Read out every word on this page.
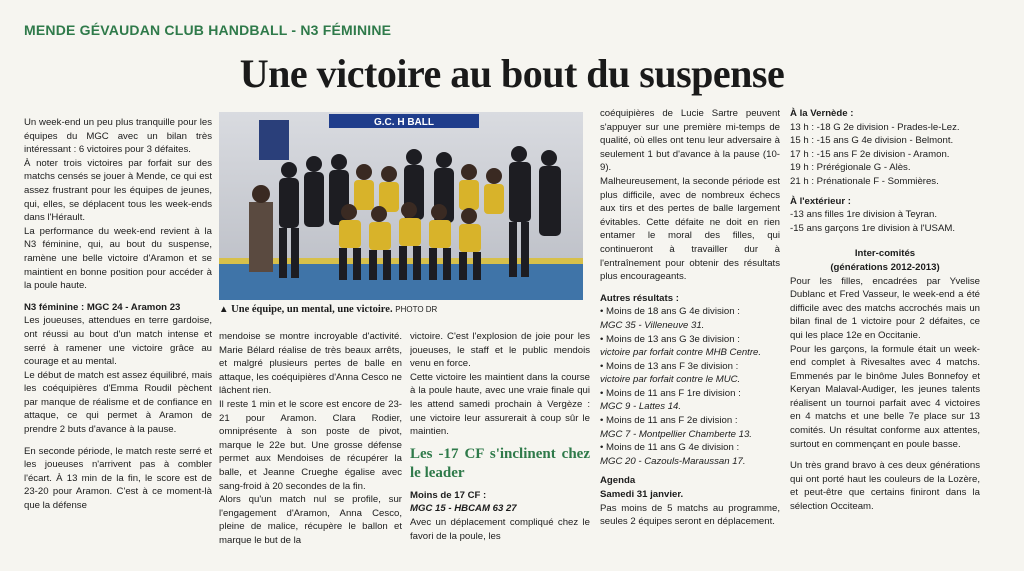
MENDE GÉVAUDAN CLUB HANDBALL - N3 FÉMININE
Une victoire au bout du suspense

Un week-end un peu plus tranquille pour les équipes du MGC avec un bilan très intéressant : 6 victoires pour 3 défaites.

À noter trois victoires par forfait sur des matchs censés se jouer à Mende, ce qui est assez frustrant pour les équipes de jeunes, qui, elles, se déplacent tous les week-ends dans l'Hérault.

La performance du week-end revient à la N3 féminine, qui, au bout du suspense, ramène une belle victoire d'Aramon et se maintient en bonne position pour accéder à la poule haute.

N3 féminine : MGC 24 - Aramon 23

Les joueuses, attendues en terre gardoise, ont réussi au bout d'un match intense et serré à ramener une victoire grâce au courage et au mental.

Le début de match est assez équilibré, mais les coéquipières d'Emma Roudil pèchent par manque de réalisme et de confiance en attaque, ce qui permet à Aramon de prendre 2 buts d'avance à la pause.

En seconde période, le match reste serré et les joueuses n'arrivent pas à combler l'écart. À 13 min de la fin, le score est de 23-20 pour Aramon. C'est à ce moment-là que la défense

G.C. H BALL
▲ Une équipe, un mental, une victoire. PHOTO DR

mendoise se montre incroyable d'activité. Marie Bélard réalise de très beaux arrêts, et malgré plusieurs pertes de balle en attaque, les coéquipières d'Anna Cesco ne lâchent rien.

Il reste 1 min et le score est encore de 23-21 pour Aramon. Clara Rodier, omniprésente à son poste de pivot, marque le 22e but. Une grosse défense permet aux Mendoises de récupérer la balle, et Jeanne Crueghe égalise avec sang-froid à 20 secondes de la fin.

Alors qu'un match nul se profile, sur l'engagement d'Aramon, Anna Cesco, pleine de malice, récupère le ballon et marque le but de la

victoire. C'est l'explosion de joie pour les joueuses, le staff et le public mendois venu en force.

Cette victoire les maintient dans la course à la poule haute, avec une vraie finale qui les attend samedi prochain à Vergèze : une victoire leur assurerait à coup sûr le maintien.

Les -17 CF s'inclinent chez le leader

Moins de 17 CF :

MGC 15 - HBCAM 63 27

Avec un déplacement compliqué chez le favori de la poule, les

coéquipières de Lucie Sartre peuvent s'appuyer sur une première mi-temps de qualité, où elles ont tenu leur adversaire à seulement 1 but d'avance à la pause (10-9).

Malheureusement, la seconde période est plus difficile, avec de nombreux échecs aux tirs et des pertes de balle largement évitables. Cette défaite ne doit en rien entamer le moral des filles, qui continueront à travailler dur à l'entraînement pour obtenir des résultats plus encourageants.

Autres résultats :

• Moins de 18 ans G 4e division :

MGC 35 - Villeneuve 31.

• Moins de 13 ans G 3e division :

victoire par forfait contre MHB Centre.

• Moins de 13 ans F 3e division :

victoire par forfait contre le MUC.

• Moins de 11 ans F 1re division :

MGC 9 - Lattes 14.

• Moins de 11 ans F 2e division :

MGC 7 - Montpellier Chamberte 13.

• Moins de 11 ans G 4e division :

MGC 20 - Cazouls-Maraussan 17.

Agenda

Samedi 31 janvier.

Pas moins de 5 matchs au programme, seules 2 équipes seront en déplacement.

À la Vernède :

13 h : -18 G 2e division - Prades-le-Lez.

15 h : -15 ans G 4e division - Belmont.

17 h : -15 ans F 2e division - Aramon.

19 h : Prérégionale G - Alès.

21 h : Prénationale F - Sommières.

À l'extérieur :

-13 ans filles 1re division à Teyran.

-15 ans garçons 1re division à l'USAM.

Inter-comités

(générations 2012-2013)

Pour les filles, encadrées par Yvelise Dublanc et Fred Vasseur, le week-end a été difficile avec des matchs accrochés mais un bilan final de 1 victoire pour 2 défaites, ce qui les place 12e en Occitanie.

Pour les garçons, la formule était un week-end complet à Rivesaltes avec 4 matchs. Emmenés par le binôme Jules Bonnefoy et Keryan Malaval-Audiger, les jeunes talents réalisent un tournoi parfait avec 4 victoires en 4 matchs et une belle 7e place sur 13 comités. Un résultat conforme aux attentes, surtout en commençant en poule basse.

Un très grand bravo à ces deux générations qui ont porté haut les couleurs de la Lozère, et peut-être que certains finiront dans la sélection Occiteam.
